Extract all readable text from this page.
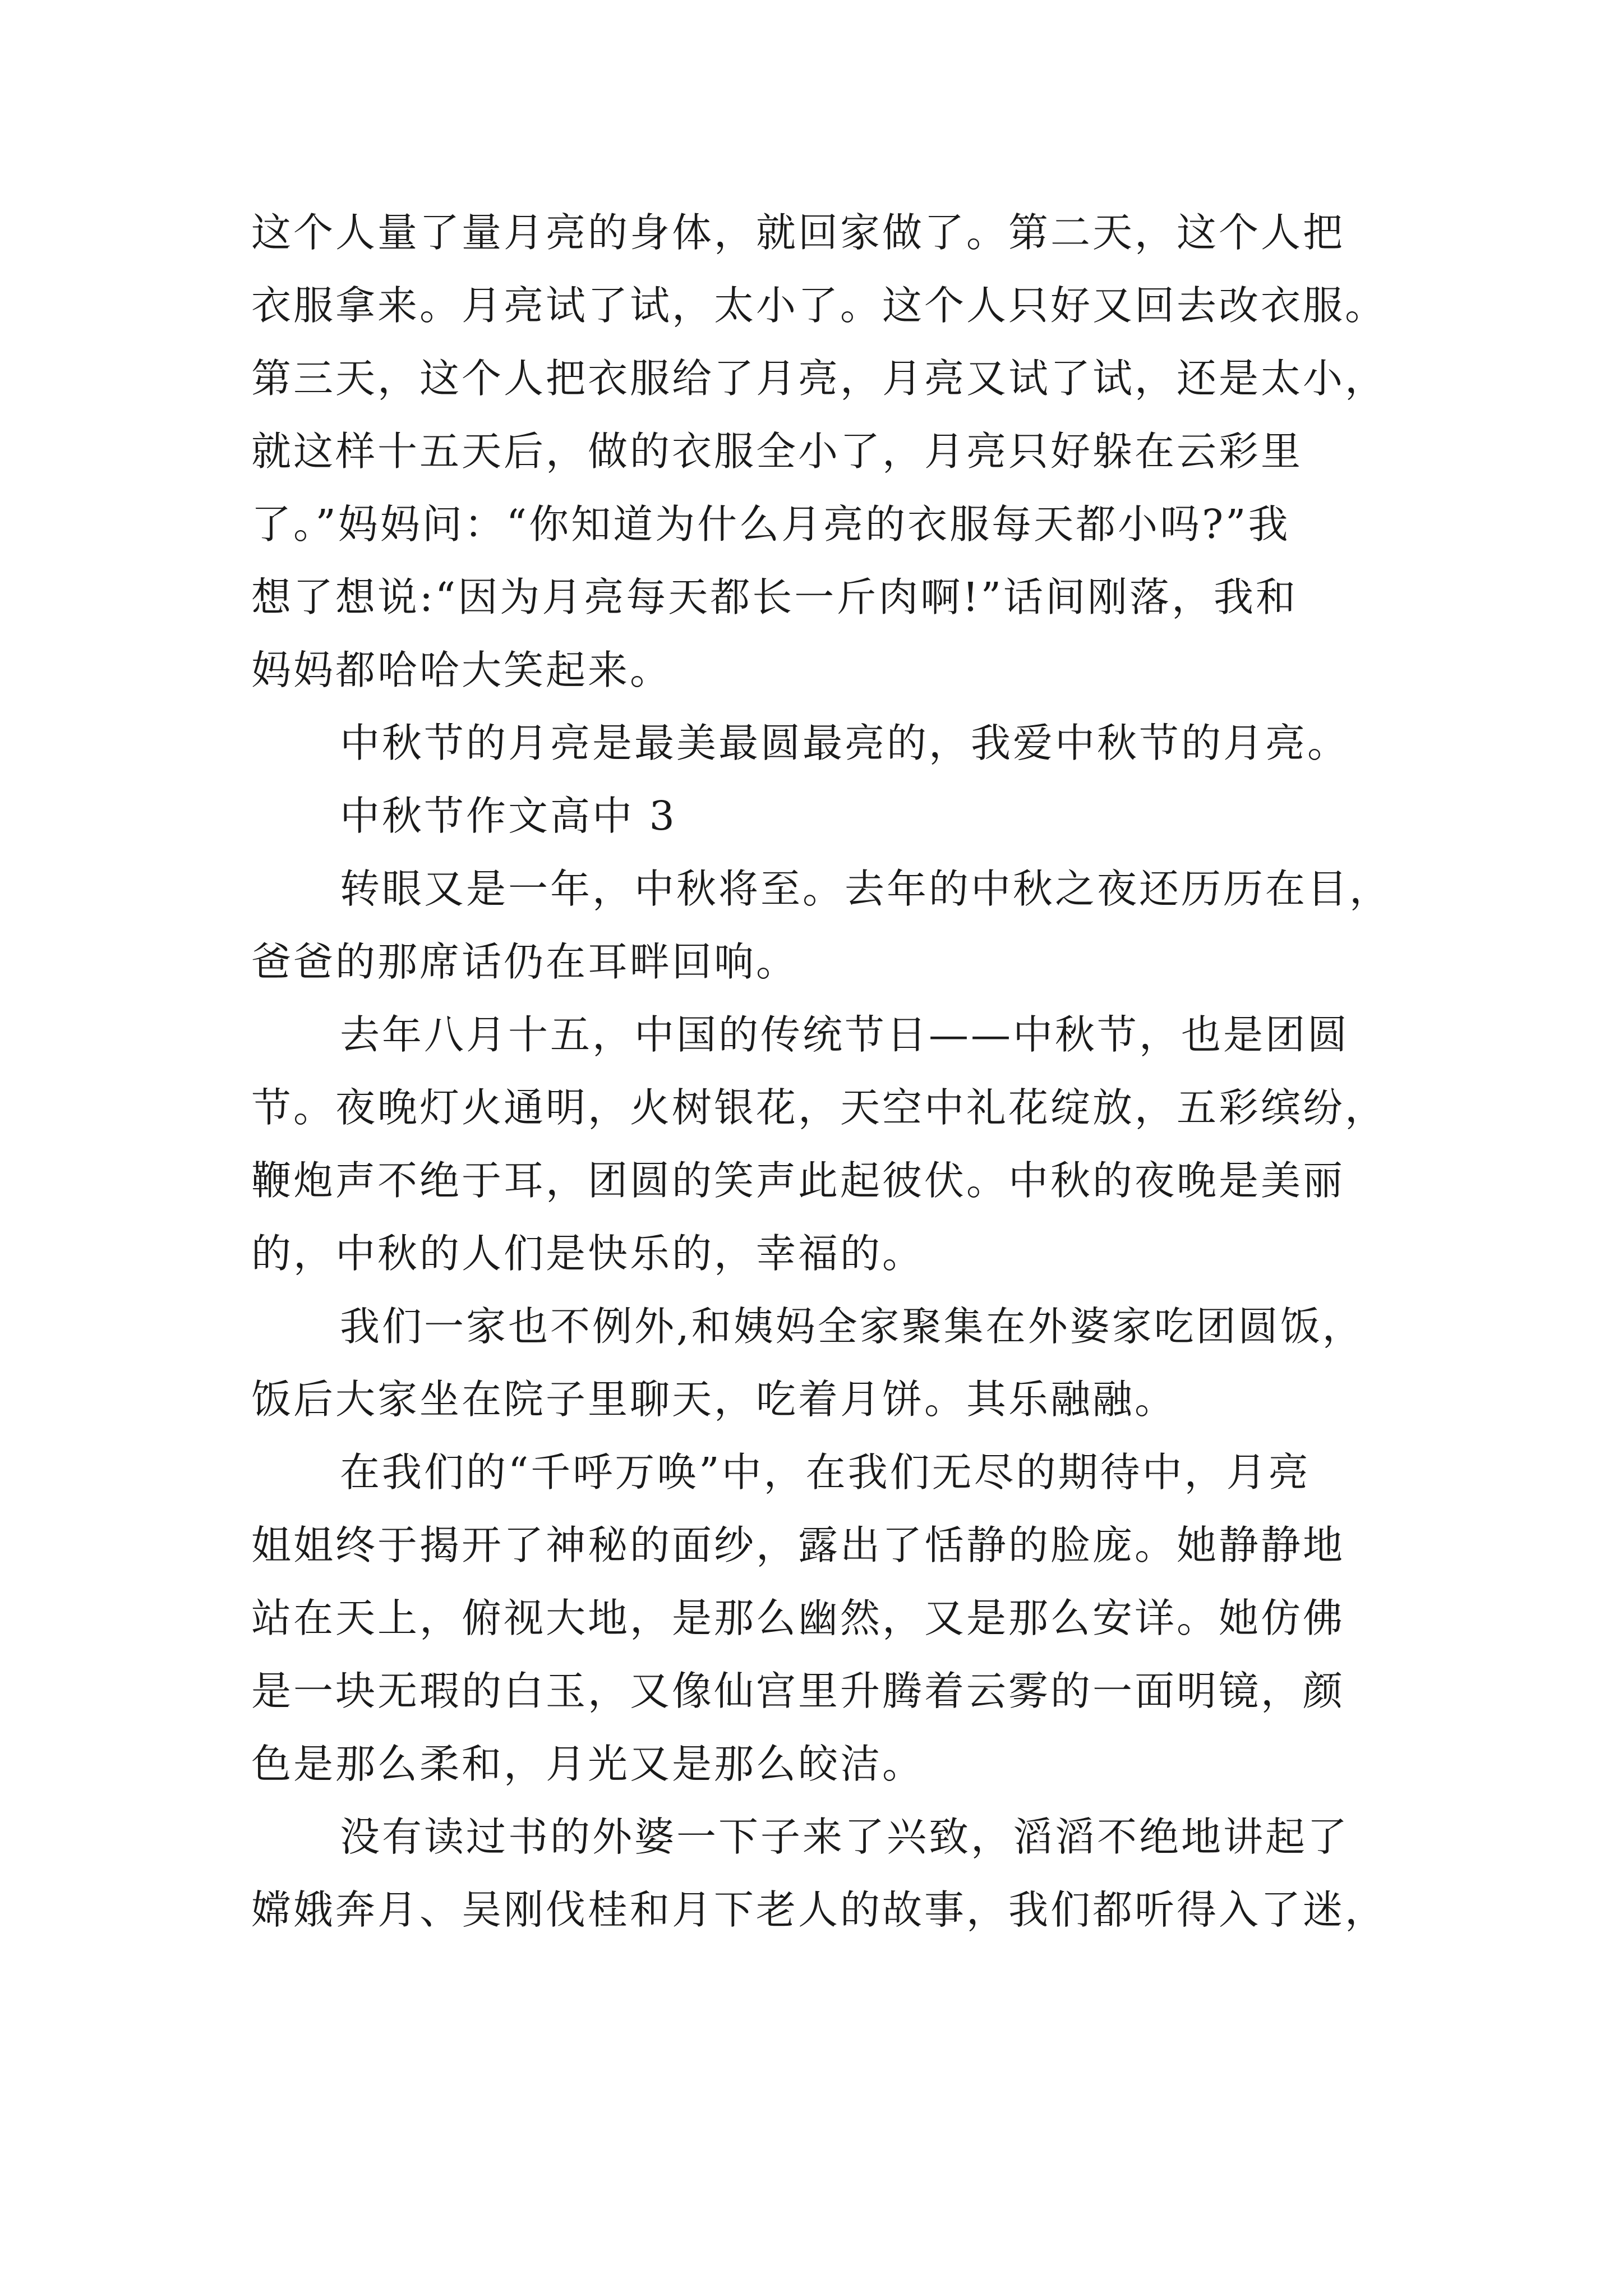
这个人量了量月亮的身体，就回家做了。第二天，这个人把
衣服拿来。月亮试了试，太小了。这个人只好又回去改衣服。
第三天，这个人把衣服给了月亮，月亮又试了试，还是太小，
就这样十五天后，做的衣服全小了，月亮只好躲在云彩里
了。”妈妈问：“你知道为什么月亮的衣服每天都小吗?”我
想了想说:“因为月亮每天都长一斤肉啊!”话间刚落，我和
妈妈都哈哈大笑起来。
中秋节的月亮是最美最圆最亮的，我爱中秋节的月亮。
中秋节作文高中 3
转眼又是一年，中秋将至。去年的中秋之夜还历历在目，
爸爸的那席话仍在耳畔回响。
去年八月十五，中国的传统节日——中秋节，也是团圆
节。夜晚灯火通明，火树银花，天空中礼花绽放，五彩缤纷，
鞭炮声不绝于耳，团圆的笑声此起彼伏。中秋的夜晚是美丽
的，中秋的人们是快乐的，幸福的。
我们一家也不例外,和姨妈全家聚集在外婆家吃团圆饭，
饭后大家坐在院子里聊天，吃着月饼。其乐融融。
在我们的“千呼万唤”中，在我们无尽的期待中，月亮
姐姐终于揭开了神秘的面纱，露出了恬静的脸庞。她静静地
站在天上，俯视大地，是那么幽然，又是那么安详。她仿佛
是一块无瑕的白玉，又像仙宫里升腾着云雾的一面明镜，颜
色是那么柔和，月光又是那么皎洁。
没有读过书的外婆一下子来了兴致，滔滔不绝地讲起了
嫦娥奔月、吴刚伐桂和月下老人的故事，我们都听得入了迷，
